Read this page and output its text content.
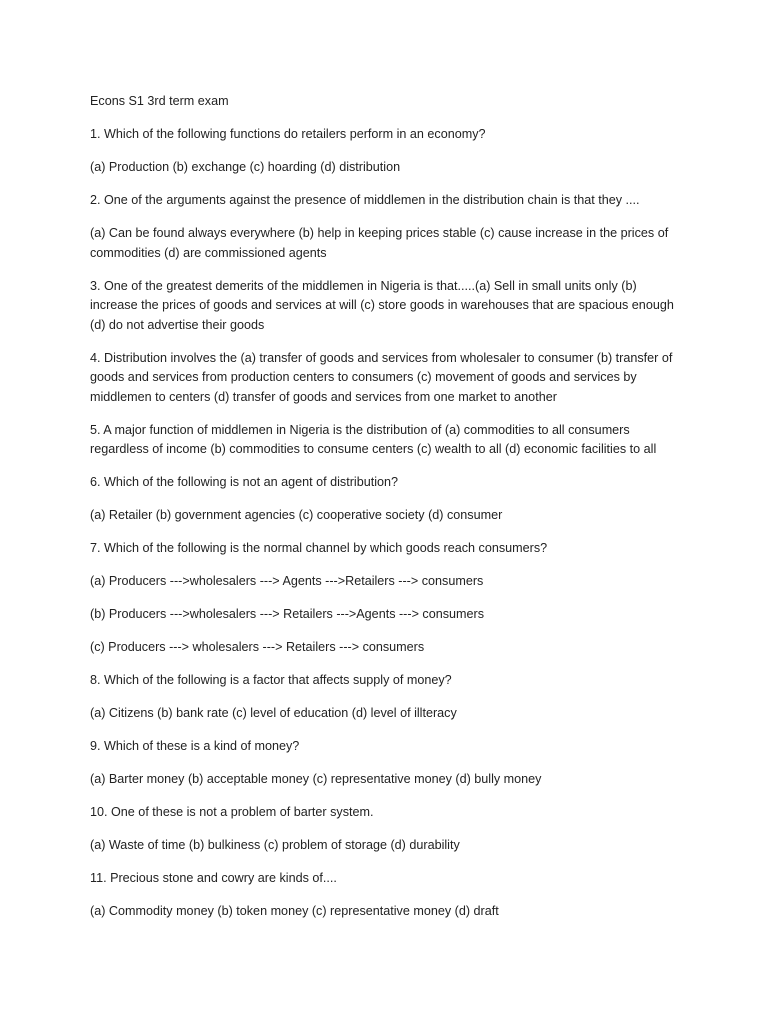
Econs S1 3rd term exam

1. Which of the following functions do retailers perform in an economy?

(a) Production (b) exchange (c) hoarding (d) distribution

2. One of the arguments against the presence of middlemen in the distribution chain is that they ....

(a) Can be found always everywhere (b) help in keeping prices stable (c) cause increase in the prices of commodities (d) are commissioned agents

3. One of the greatest demerits of the middlemen in Nigeria is that.....(a) Sell in small units only (b) increase the prices of goods and services at will (c) store goods in warehouses that are spacious enough (d) do not advertise their goods

4. Distribution involves the (a) transfer of goods and services from wholesaler to consumer (b) transfer of goods and services from production centers to consumers (c) movement of goods and services by middlemen to centers (d) transfer of goods and services from one market to another

5. A major function of middlemen in Nigeria is the distribution of (a) commodities to all consumers regardless of income (b) commodities to consume centers (c) wealth to all (d) economic facilities to all

6. Which of the following is not an agent of distribution?

(a) Retailer (b) government agencies (c) cooperative society (d) consumer

7. Which of the following is the normal channel by which goods reach consumers?

(a) Producers --->wholesalers ---> Agents --->Retailers ---> consumers

(b) Producers --->wholesalers ---> Retailers --->Agents ---> consumers

(c) Producers ---> wholesalers ---> Retailers ---> consumers

8. Which of the following is a factor that affects supply of money?

(a) Citizens (b) bank rate (c) level of education (d) level of illteracy

9. Which of these is a kind of money?

(a) Barter money (b) acceptable money (c) representative money (d) bully money

10. One of these is not a problem of barter system.

(a) Waste of time (b) bulkiness (c) problem of storage (d) durability

11. Precious stone and cowry are kinds of....

(a) Commodity money (b) token money (c) representative money (d) draft
